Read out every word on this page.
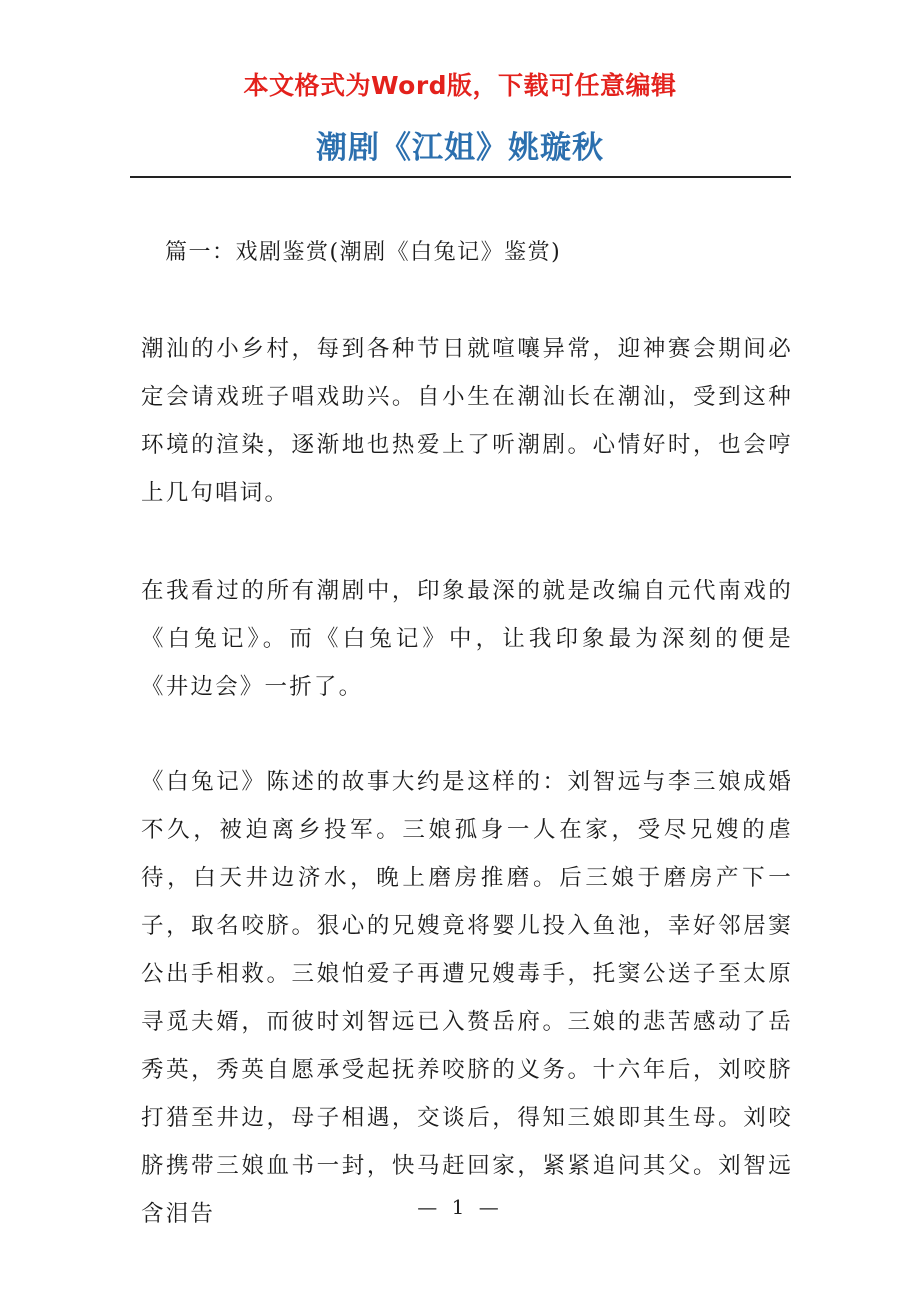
本文格式为Word版，下载可任意编辑
潮剧《江姐》姚璇秋
篇一：戏剧鉴赏(潮剧《白兔记》鉴赏)

潮汕的小乡村，每到各种节日就喧嚷异常，迎神赛会期间必定会请戏班子唱戏助兴。自小生在潮汕长在潮汕，受到这种环境的渲染，逐渐地也热爱上了听潮剧。心情好时，也会哼上几句唱词。

在我看过的所有潮剧中，印象最深的就是改编自元代南戏的《白兔记》。而《白兔记》中，让我印象最为深刻的便是《井边会》一折了。

《白兔记》陈述的故事大约是这样的：刘智远与李三娘成婚不久，被迫离乡投军。三娘孤身一人在家，受尽兄嫂的虐待，白天井边济水，晚上磨房推磨。后三娘于磨房产下一子，取名咬脐。狠心的兄嫂竟将婴儿投入鱼池，幸好邻居窦公出手相救。三娘怕爱子再遭兄嫂毒手，托窦公送子至太原寻觅夫婿，而彼时刘智远已入赘岳府。三娘的悲苦感动了岳秀英，秀英自愿承受起抚养咬脐的义务。十六年后，刘咬脐打猎至井边，母子相遇，交谈后，得知三娘即其生母。刘咬脐携带三娘血书一封，快马赶回家，紧紧追问其父。刘智远含泪告	— 1 —
